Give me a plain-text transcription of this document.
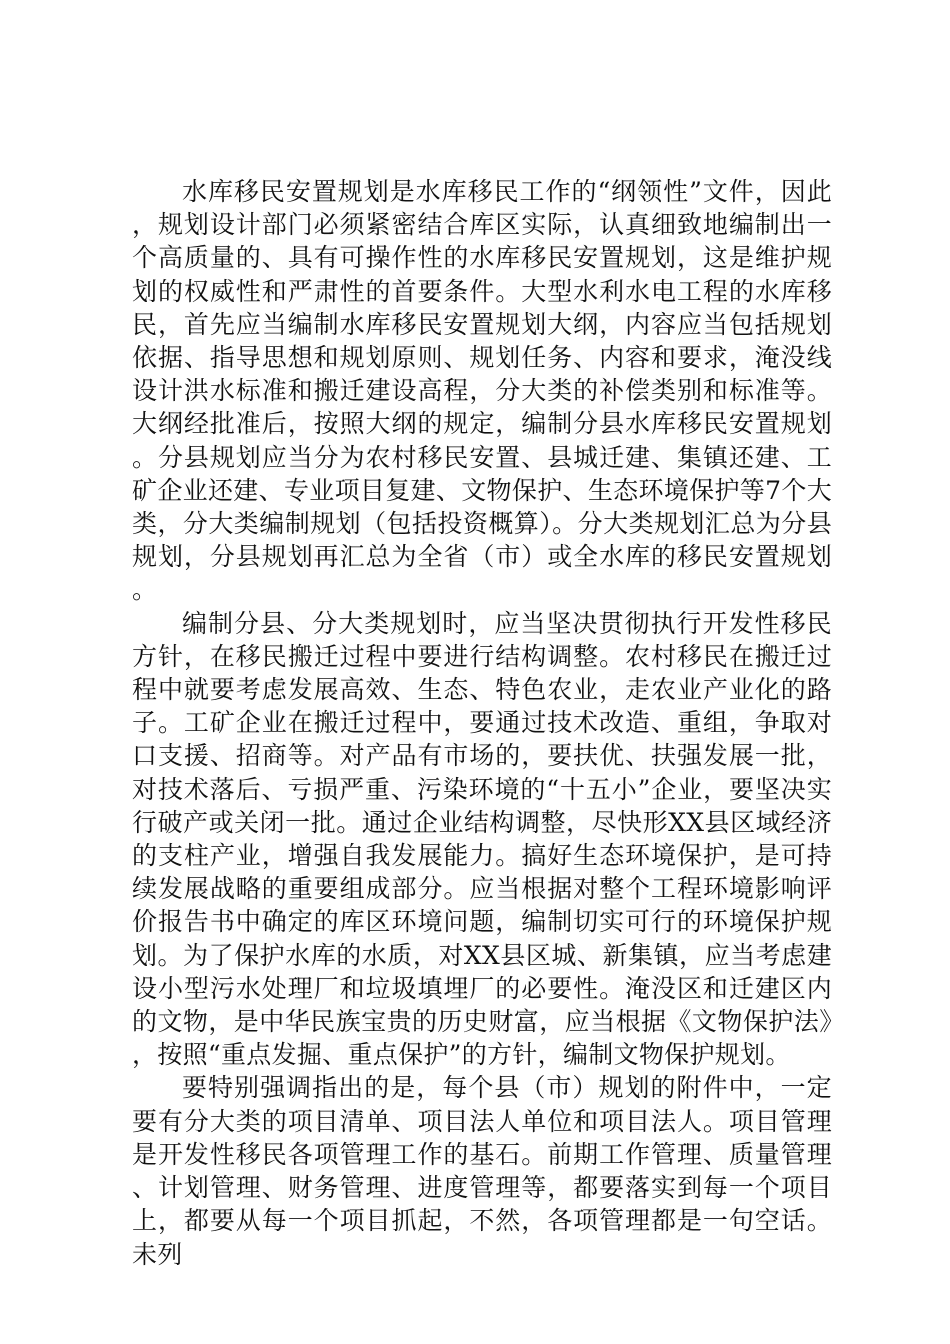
水库移民安置规划是水库移民工作的“纲领性”文件，因此，规划设计部门必须紧密结合库区实际，认真细致地编制出一个高质量的、具有可操作性的水库移民安置规划，这是维护规划的权威性和严肃性的首要条件。大型水利水电工程的水库移民，首先应当编制水库移民安置规划大纲，内容应当包括规划依据、指导思想和规划原则、规划任务、内容和要求，淹没线设计洪水标准和搬迁建设高程，分大类的补偿类别和标准等。大纲经批准后，按照大纲的规定，编制分县水库移民安置规划。分县规划应当分为农村移民安置、县城迁建、集镇还建、工矿企业还建、专业项目复建、文物保护、生态环境保护等7个大类，分大类编制规划（包括投资概算）。分大类规划汇总为分县规划，分县规划再汇总为全省（市）或全水库的移民安置规划。

编制分县、分大类规划时，应当坚决贯彻执行开发性移民方针，在移民搬迁过程中要进行结构调整。农村移民在搬迁过程中就要考虑发展高效、生态、特色农业，走农业产业化的路子。工矿企业在搬迁过程中，要通过技术改造、重组，争取对口支援、招商等。对产品有市场的，要扶优、扶强发展一批，对技术落后、亏损严重、污染环境的“十五小”企业，要坚决实行破产或关闭一批。通过企业结构调整，尽快形XX县区域经济的支柱产业，增强自我发展能力。搞好生态环境保护，是可持续发展战略的重要组成部分。应当根据对整个工程环境影响评价报告书中确定的库区环境问题，编制切实可行的环境保护规划。为了保护水库的水质，对XX县区城、新集镇，应当考虑建设小型污水处理厂和垃圾填埋厂的必要性。淹没区和迁建区内的文物，是中华民族宝贵的历史财富，应当根据《文物保护法》，按照“重点发掘、重点保护”的方针，编制文物保护规划。

要特别强调指出的是，每个县（市）规划的附件中，一定要有分大类的项目清单、项目法人单位和项目法人。项目管理是开发性移民各项管理工作的基石。前期工作管理、质量管理、计划管理、财务管理、进度管理等，都要落实到每一个项目上，都要从每一个项目抓起，不然，各项管理都是一句空话。未列
